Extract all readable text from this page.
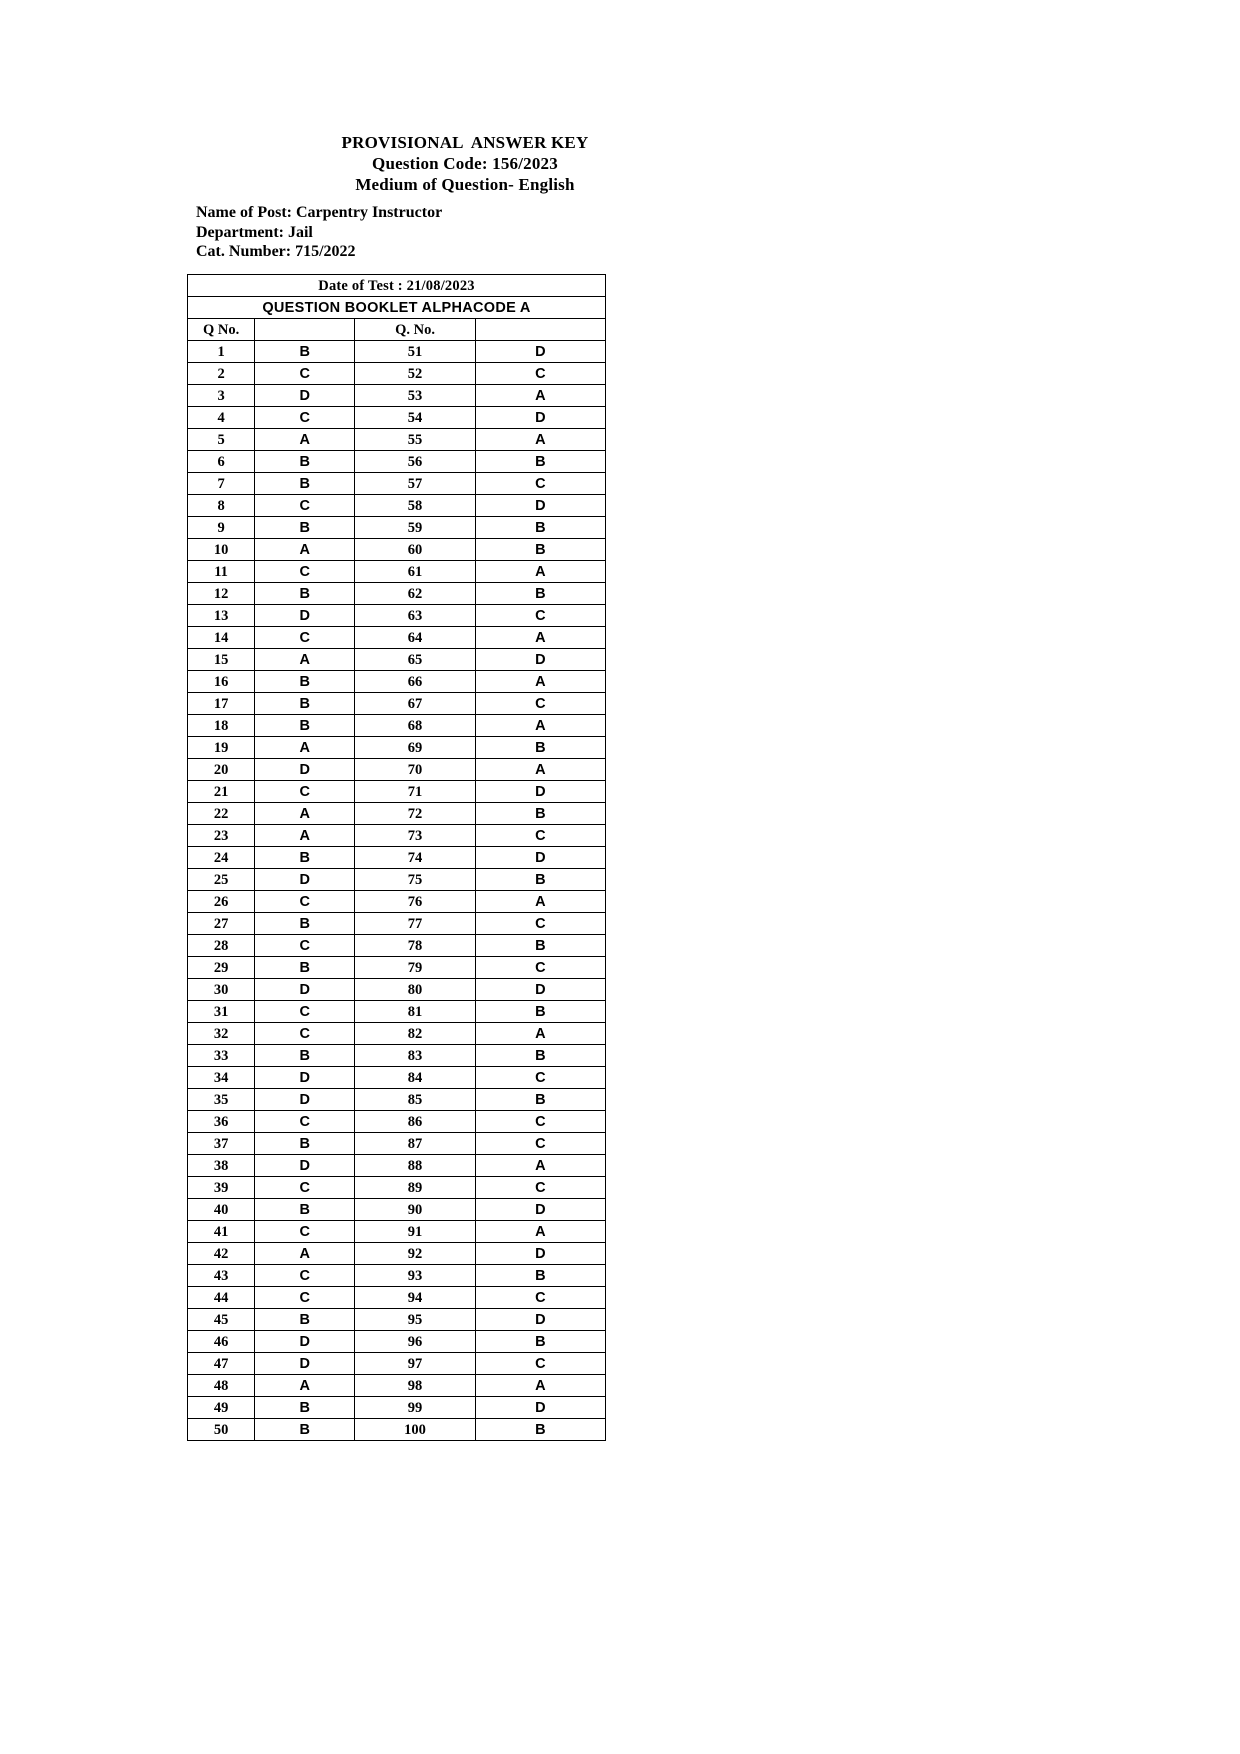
PROVISIONAL  ANSWER KEY
Question Code: 156/2023
Medium of Question- English
Name of Post: Carpentry Instructor
Department: Jail
Cat. Number: 715/2022
Date of Test : 21/08/2023			
QUESTION BOOKLET ALPHACODE A			
Q No.		Q. No.	
1	B	51	D
2	C	52	C
3	D	53	A
4	C	54	D
5	A	55	A
6	B	56	B
7	B	57	C
8	C	58	D
9	B	59	B
10	A	60	B
11	C	61	A
12	B	62	B
13	D	63	C
14	C	64	A
15	A	65	D
16	B	66	A
17	B	67	C
18	B	68	A
19	A	69	B
20	D	70	A
21	C	71	D
22	A	72	B
23	A	73	C
24	B	74	D
25	D	75	B
26	C	76	A
27	B	77	C
28	C	78	B
29	B	79	C
30	D	80	D
31	C	81	B
32	C	82	A
33	B	83	B
34	D	84	C
35	D	85	B
36	C	86	C
37	B	87	C
38	D	88	A
39	C	89	C
40	B	90	D
41	C	91	A
42	A	92	D
43	C	93	B
44	C	94	C
45	B	95	D
46	D	96	B
47	D	97	C
48	A	98	A
49	B	99	D
50	B	100	B
